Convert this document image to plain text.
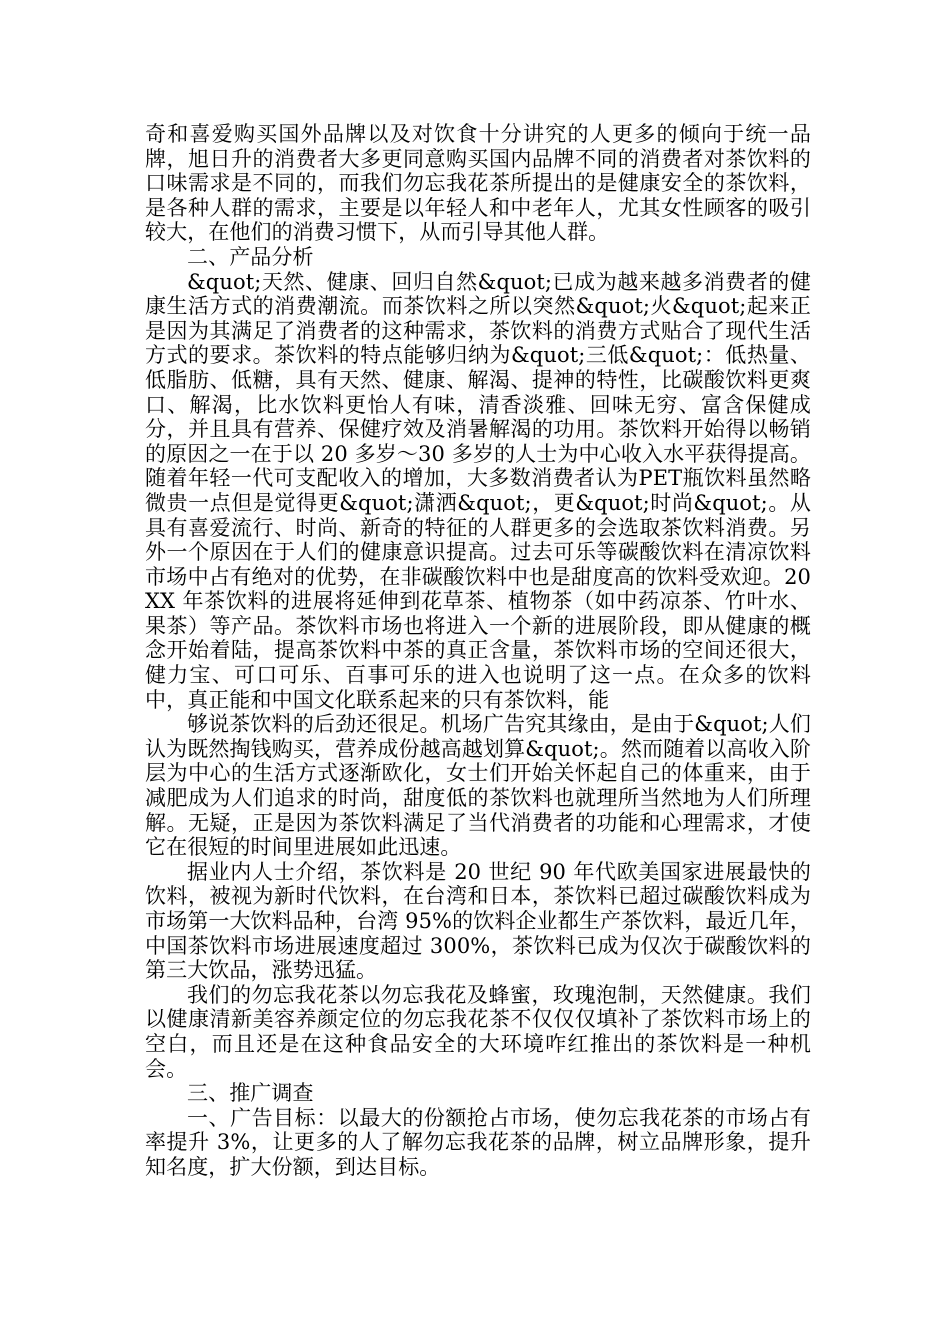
奇和喜爱购买国外品牌以及对饮食十分讲究的人更多的倾向于统一品牌，旭日升的消费者大多更同意购买国内品牌不同的消费者对茶饮料的口味需求是不同的，而我们勿忘我花茶所提出的是健康安全的茶饮料，是各种人群的需求，主要是以年轻人和中老年人，尤其女性顾客的吸引较大，在他们的消费习惯下，从而引导其他人群。

二、产品分析

&quot;天然、健康、回归自然&quot;已成为越来越多消费者的健康生活方式的消费潮流。而茶饮料之所以突然&quot;火&quot;起来正是因为其满足了消费者的这种需求，茶饮料的消费方式贴合了现代生活方式的要求。茶饮料的特点能够归纳为&quot;三低&quot;：低热量、低脂肪、低糖，具有天然、健康、解渴、提神的特性，比碳酸饮料更爽口、解渴，比水饮料更怡人有味，清香淡雅、回味无穷、富含保健成分，并且具有营养、保健疗效及消暑解渴的功用。茶饮料开始得以畅销的原因之一在于以 20 多岁～30 多岁的人士为中心收入水平获得提高。随着年轻一代可支配收入的增加，大多数消费者认为PET瓶饮料虽然略微贵一点但是觉得更&quot;潇洒&quot;，更&quot;时尚&quot;。从具有喜爱流行、时尚、新奇的特征的人群更多的会选取茶饮料消费。另外一个原因在于人们的健康意识提高。过去可乐等碳酸饮料在清凉饮料市场中占有绝对的优势，在非碳酸饮料中也是甜度高的饮料受欢迎。20XX 年茶饮料的进展将延伸到花草茶、植物茶（如中药凉茶、竹叶水、果茶）等产品。茶饮料市场也将进入一个新的进展阶段，即从健康的概念开始着陆，提高茶饮料中茶的真正含量，茶饮料市场的空间还很大，健力宝、可口可乐、百事可乐的进入也说明了这一点。在众多的饮料中，真正能和中国文化联系起来的只有茶饮料，能

够说茶饮料的后劲还很足。机场广告究其缘由，是由于&quot;人们认为既然掏钱购买，营养成份越高越划算&quot;。然而随着以高收入阶层为中心的生活方式逐渐欧化，女士们开始关怀起自己的体重来，由于减肥成为人们追求的时尚，甜度低的茶饮料也就理所当然地为人们所理解。无疑，正是因为茶饮料满足了当代消费者的功能和心理需求，才使它在很短的时间里进展如此迅速。

据业内人士介绍，茶饮料是 20 世纪 90 年代欧美国家进展最快的饮料，被视为新时代饮料，在台湾和日本，茶饮料已超过碳酸饮料成为市场第一大饮料品种，台湾 95%的饮料企业都生产茶饮料，最近几年，中国茶饮料市场进展速度超过 300%，茶饮料已成为仅次于碳酸饮料的第三大饮品，涨势迅猛。

我们的勿忘我花茶以勿忘我花及蜂蜜，玫瑰泡制，天然健康。我们以健康清新美容养颜定位的勿忘我花茶不仅仅仅填补了茶饮料市场上的空白，而且还是在这种食品安全的大环境咋红推出的茶饮料是一种机会。

三、推广调查

一、广告目标：以最大的份额抢占市场，使勿忘我花茶的市场占有率提升 3%，让更多的人了解勿忘我花茶的品牌，树立品牌形象，提升知名度，扩大份额，到达目标。
